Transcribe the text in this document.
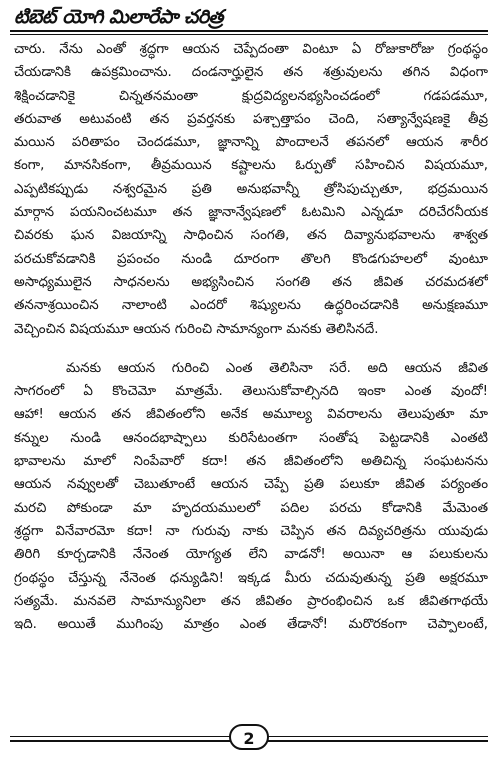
టిబెట్ యోగి మిలారేపా చరిత్ర
చారు. నేను ఎంతో శ్రద్ధగా ఆయన చెప్పేదంతా వింటూ ఏ రోజుకారోజు గ్రంథస్థం
చేయడానికి ఉపక్రమించాను. దండనార్హులైన తన శత్రువులను తగిన విధంగా
శిక్షించడానికై చిన్నతనమంతా క్షుద్రవిద్యలనభ్యసించడంలో గడపడమూ,
తరువాత అటువంటి తన ప్రవర్తనకు పశ్చాత్తాపం చెంది, సత్యాన్వేషణకై తీవ్ర
మయిన పరితాపం చెందడమూ, జ్ఞానాన్ని పొందాలనే తపనలో ఆయన శారీర
కంగా, మానసికంగా, తీవ్రమయిన కష్టాలను ఓర్పుతో సహించిన విషయమూ,
ఎప్పటికప్పుడు నశ్వరమైన ప్రతి అనుభవాన్నీ త్రోసిపుచ్చుతూ, భద్రమయిన
మార్గాన పయనించటమూ తన జ్ఞానాన్వేషణలో ఓటమిని ఎన్నడూ దరిచేరనీయక
చివరకు ఘన విజయాన్ని సాధించిన సంగతి, తన దివ్యానుభవాలను శాశ్వత
పరచుకోవడానికి ప్రపంచం నుండి దూరంగా తొలగి కొండగుహలలో వుంటూ
అసాధ్యములైన సాధనలను అభ్యసించిన సంగతి తన జీవిత చరమదశలో
తననాశ్రయించిన నాలాంటి ఎందరో శిష్యులను ఉద్ధరించడానికి అనుక్షణమూ
వెచ్చించిన విషయమూ ఆయన గురించి సామాన్యంగా మనకు తెలిసినదే.
మనకు ఆయన గురించి ఎంత తెలిసినా సరే. అది ఆయన జీవిత
సాగరంలో ఏ కొంచెమో మాత్రమే. తెలుసుకోవాల్సినది ఇంకా ఎంత వుందో!
ఆహా! ఆయన తన జీవితంలోని అనేక అమూల్య వివరాలను తెలుపుతూ మా
కన్నుల నుండి ఆనందభాష్పాలు కురిసేటంతగా సంతోష పెట్టడానికి ఎంతటి
భావాలను మాలో నింపేవారో కదా! తన జీవితంలోని అతిచిన్న సంఘటనను
ఆయన నవ్వులతో చెబుతూంటే ఆయన చెప్పే ప్రతి పలుకూ జీవిత పర్యంతం
మరచి పోకుండా మా హృదయములలో పదిల పరచు కోడానికి మేమెంత
శ్రద్ధగా వినేవారమో కదా! నా గురువు నాకు చెప్పిన తన దివ్యచరిత్రను యువుడు
తిరిగి కూర్చడానికి నేనెంత యోగ్యత లేని వాడనో! అయినా ఆ పలుకులను
గ్రంథస్థం చేస్తున్న నేనెంత ధన్యుడిని! ఇక్కడ మీరు చదువుతున్న ప్రతి అక్షరమూ
సత్యమే. మనవలె సామాన్యునిలా తన జీవితం ప్రారంభించిన ఒక జీవితగాథయే
ఇది. అయితే ముగింపు మాత్రం ఎంత తేడానో! మరొరకంగా చెప్పాలంటే,
2
